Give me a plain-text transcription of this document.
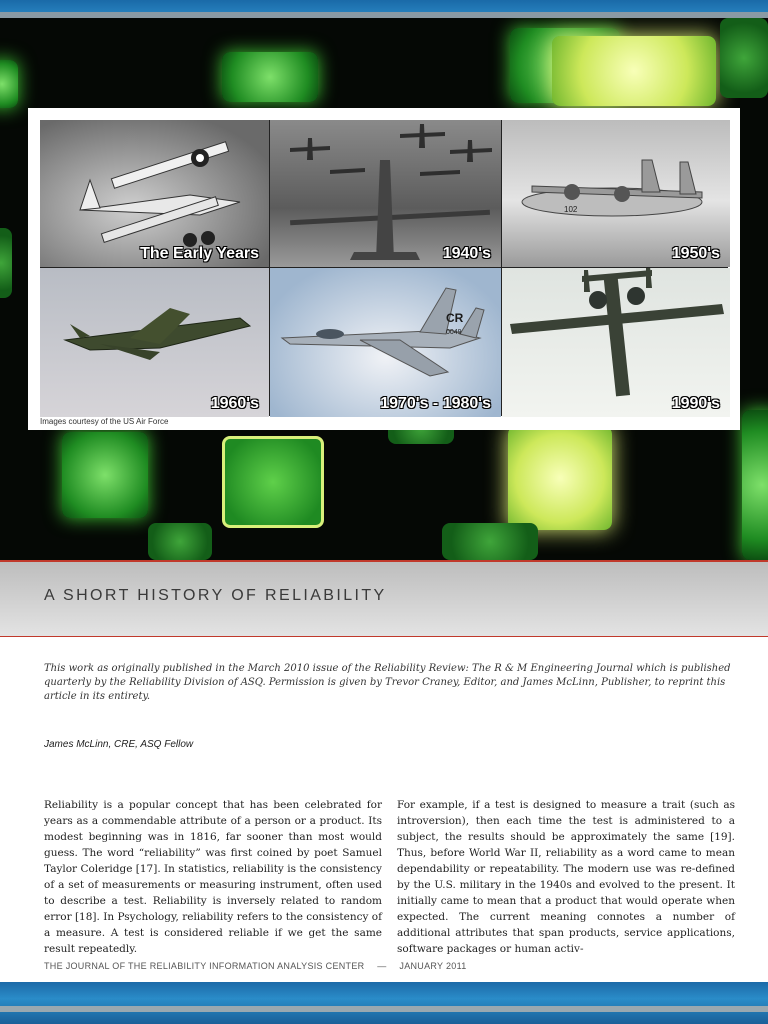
The Early Years	1940's
102
1950's
1960's
CR
0049
1970's - 1980's	1990's
Images courtesy of the US Air Force
A SHORT HISTORY OF RELIABILITY

This work as originally published in the March 2010 issue of the Reliability Review: The R & M Engineering Journal which is published quarterly by the Reliability Division of ASQ. Permission is given by Trevor Craney, Editor, and James McLinn, Publisher, to reprint this article in its entirety.

James McLinn, CRE, ASQ Fellow

Reliability is a popular concept that has been celebrated for years as a commendable attribute of a person or a product. Its modest beginning was in 1816, far sooner than most would guess. The word “reliability” was first coined by poet Samuel Taylor Coleridge [17]. In statistics, reliability is the consistency of a set of measurements or measuring instrument, often used to describe a test. Reliability is inversely related to random error [18]. In Psychology, reliability refers to the consistency of a measure. A test is considered reliable if we get the same result repeatedly.

For example, if a test is designed to measure a trait (such as introversion), then each time the test is administered to a subject, the results should be approximately the same [19]. Thus, before World War II, reliability as a word came to mean dependability or repeatability. The modern use was re-defined by the U.S. military in the 1940s and evolved to the present. It initially came to mean that a product that would operate when expected. The current meaning connotes a number of additional attributes that span products, service applications, software packages or human activ-

THE JOURNAL OF THE RELIABILITY INFORMATION ANALYSIS CENTER — JANUARY 2011
